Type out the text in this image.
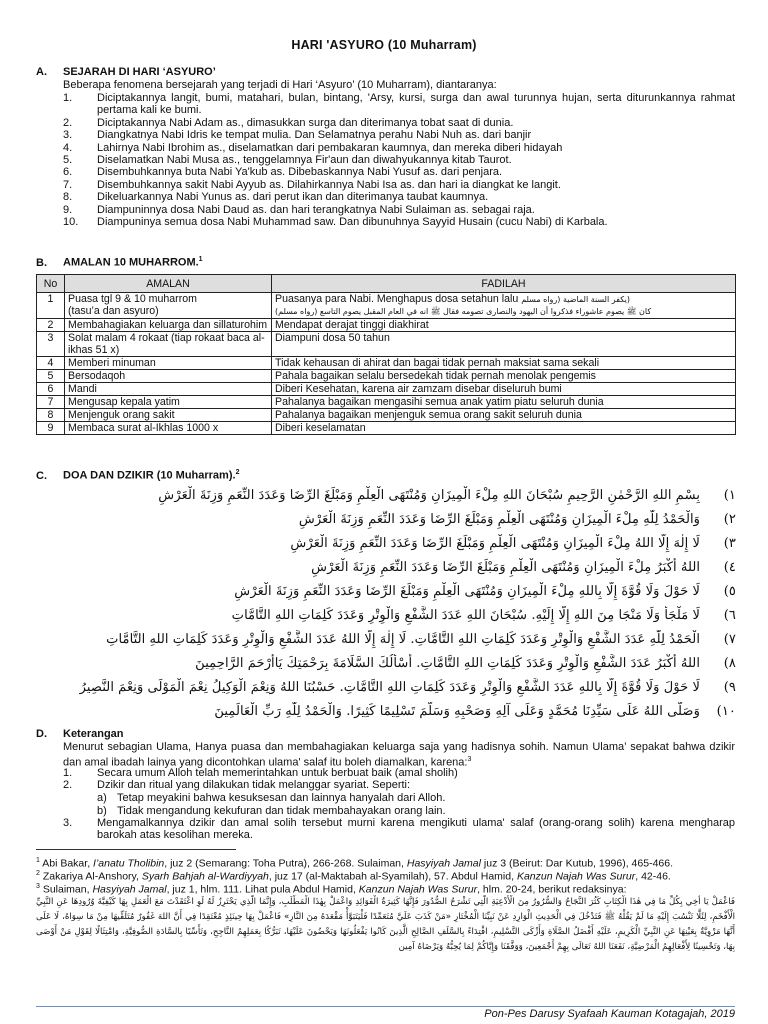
HARI 'ASYURO (10 Muharram)
A. SEJARAH DI HARI ‘ASYURO’
Beberapa fenomena bersejarah yang terjadi di Hari ‘Asyuro’ (10 Muharram), diantaranya:
1. Diciptakannya langit, bumi, matahari, bulan, bintang, 'Arsy, kursi, surga dan awal turunnya hujan, serta diturunkannya rahmat pertama kali ke bumi.
2. Diciptakannya Nabi Adam as., dimasukkan surga dan diterimanya tobat saat di dunia.
3. Diangkatnya Nabi Idris ke tempat mulia. Dan Selamatnya perahu Nabi Nuh as. dari banjir
4. Lahirnya Nabi Ibrohim as., diselamatkan dari pembakaran kaumnya, dan mereka diberi hidayah
5. Diselamatkan Nabi Musa as., tenggelamnya Fir'aun dan diwahyukannya kitab Taurot.
6. Disembuhkannya buta Nabi Ya'kub as. Dibebaskannya Nabi Yusuf as. dari penjara.
7. Disembuhkannya sakit Nabi Ayyub as. Dilahirkannya Nabi Isa as. dan hari ia diangkat ke langit.
8. Dikeluarkannya Nabi Yunus as. dari perut ikan dan diterimanya taubat kaumnya.
9. Diampuninnya dosa Nabi Daud as. dan hari terangkatnya Nabi Sulaiman as. sebagai raja.
10. Diampuninya semua dosa Nabi Muhammad saw. Dan dibunuhnya Sayyid Husain (cucu Nabi) di Karbala.
B. AMALAN 10 MUHARROM.$^1$
No	AMALAN	FADILAH
1	Puasa tgl 9 & 10 muharrom
(tasu’a dan asyuro)	Puasanya para Nabi. Menghapus dosa setahun lalu (يكفر السنة الماضية (رواه مسلم

كان ﷺ يصوم عاشوراء فذكروا أن اليهود والنصارى تصومه فقال ﷺ انه في العام المقبل يصوم التاسع (رواه مسلم)

2	Membahagiakan keluarga dan sillaturohim	Mendapat derajat tinggi diakhirat
3	Solat malam 4 rokaat (tiap rokaat baca al-ikhas 51 x)	Diampuni dosa 50 tahun
4	Memberi minuman	Tidak kehausan di ahirat dan bagai tidak pernah maksiat sama sekali
5	Bersodaqoh	Pahala bagaikan selalu bersedekah tidak pernah menolak pengemis
6	Mandi	Diberi Kesehatan, karena air zamzam disebar diseluruh bumi
7	Mengusap kepala yatim	Pahalanya bagaikan mengasihi semua anak yatim piatu seluruh dunia
8	Menjenguk orang sakit	Pahalanya bagaikan menjenguk semua orang sakit seluruh dunia
9	Membaca surat al-Ikhlas 1000 x	Diberi keselamatan
C. DOA DAN DZIKIR (10 Muharram).$^2$
١)بِسْمِ اللهِ الرَّحْمٰنِ الرَّحِيمِ سُبْحَانَ اللهِ مِلْءَ الْمِيزَانِ وَمُنْتَهَى الْعِلْمِ وَمَبْلَغَ الرِّضَا وَعَدَدَ النِّعَمِ وَزِنَةَ الْعَرْشِ
٢)وَالْحَمْدُ لِلّٰهِ مِلْءَ الْمِيزَانِ وَمُنْتَهَى الْعِلْمِ وَمَبْلَغَ الرِّضَا وَعَدَدَ النِّعَمِ وَزِنَةَ الْعَرْشِ
٣)لَا إِلٰهَ إِلَّا اللهُ مِلْءَ الْمِيزَانِ وَمُنْتَهَى الْعِلْمِ وَمَبْلَغَ الرِّضَا وَعَدَدَ النِّعَمِ وَزِنَةَ الْعَرْشِ
٤)اللهُ أَكْبَرُ مِلْءَ الْمِيزَانِ وَمُنْتَهَى الْعِلْمِ وَمَبْلَغَ الرِّضَا وَعَدَدَ النِّعَمِ وَزِنَةَ الْعَرْشِ
٥)لَا حَوْلَ وَلَا قُوَّةَ إِلَّا بِاللهِ مِلْءَ الْمِيزَانِ وَمُنْتَهَى الْعِلْمِ وَمَبْلَغَ الرِّضَا وَعَدَدَ النِّعَمِ وَزِنَةَ الْعَرْشِ
٦)لَا مَلْجَأَ وَلَا مَنْجَا مِنَ اللهِ إِلَّا إِلَيْهِ. سُبْحَانَ اللهِ عَدَدَ الشَّفْعِ وَالْوِتْرِ وَعَدَدَ كَلِمَاتِ اللهِ التَّامَّاتِ
٧)الْحَمْدُ لِلّٰهِ عَدَدَ الشَّفْعِ وَالْوِتْرِ وَعَدَدَ كَلِمَاتِ اللهِ التَّامَّاتِ. لَا إِلٰهَ إِلَّا اللهُ عَدَدَ الشَّفْعِ وَالْوِتْرِ وَعَدَدَ كَلِمَاتِ اللهِ التَّامَّاتِ
٨)اللهُ أَكْبَرُ عَدَدَ الشَّفْعِ وَالْوِتْرِ وَعَدَدَ كَلِمَاتِ اللهِ التَّامَّاتِ. أَسْأَلُكَ السَّلَامَةَ بِرَحْمَتِكَ يَاأَرْحَمَ الرَّاحِمِينَ
٩)لَا حَوْلَ وَلَا قُوَّةَ إِلَّا بِاللهِ عَدَدَ الشَّفْعِ وَالْوِتْرِ وَعَدَدَ كَلِمَاتِ اللهِ التَّامَّاتِ. حَسْبُنَا اللهُ وَنِعْمَ الْوَكِيلُ نِعْمَ الْمَوْلَى وَنِعْمَ النَّصِيرُ
١٠)وَصَلَّى اللهُ عَلَى سَيِّدِنَا مُحَمَّدٍ وَعَلَى آلِهِ وَصَحْبِهِ وَسَلَّمَ تَسْلِيمًا كَثِيرًا. وَالْحَمْدُ لِلّٰهِ رَبِّ الْعَالَمِينَ
D. Keterangan
Menurut sebagian Ulama, Hanya puasa dan membahagiakan keluarga saja yang hadisnya sohih. Namun Ulama’ sepakat bahwa dzikir dan amal ibadah lainya yang dicontohkan ulama' salaf itu boleh diamalkan, karena:$^3$
1. Secara umum Alloh telah memerintahkan untuk berbuat baik (amal sholih)
2. Dzikir dan ritual yang dilakukan tidak melanggar syariat. Seperti:
a) Tetap meyakini bahwa kesuksesan dan lainnya hanyalah dari Alloh.
b) Tidak mengandung kekufuran dan tidak membahayakan orang lain.
3. Mengamalkannya dzikir dan amal solih tersebut murni karena mengikuti ulama' salaf (orang-orang solih) karena mengharap barokah atas kesolihan mereka.
$^1$ Abi Bakar, I’anatu Tholibin, juz 2 (Semarang: Toha Putra), 266-268. Sulaiman, Hasyiyah Jamal juz 3 (Beirut: Dar Kutub, 1996), 465-466.
$^2$ Zakariya Al-Anshory, Syarh Bahjah al-Wardiyyah, juz 17 (al-Maktabah al-Syamilah), 57. Abdul Hamid, Kanzun Najah Was Surur, 42-46.
$^3$ Sulaiman, Hasyiyah Jamal, juz 1, hlm. 111. Lihat pula Abdul Hamid, Kanzun Najah Was Surur, hlm. 20-24, berikut redaksinya:
فَاعْمَلْ يَا أَخِي بِكُلِّ مَا فِي هٰذَا الْكِتَابِ كَثُرَ النَّجَاحُ وَالسُّرُورُ مِنَ الْأَدْعِيَةِ الَّتِي تَشْرَحُ الصُّدُورَ فَإِنَّهَا كَثِيرَةُ الْفَوَائِدِ وَاعْمَلْ بِهٰذَا الْمَطْلَبِ، وَإِنَّمَا الَّذِي يَحْتَرِزُ لَهُ لَوِ اعْتَقَدْتَ مَعَ الْعَمَلِ بِهَا كَيْفِيَّةَ وُرُودِهَا عَنِ النَّبِيِّ الْأَفْخَمِ، لِئَلَّا تَنْسُبَ إِلَيْهِ مَا لَمْ يَقُلْهُ ﷺ فَتَدْخُلَ فِي الْحَدِيثِ الْوَارِدِ عَنْ نَبِيِّنَا الْمُخْتَارِ «مَنْ كَذَبَ عَلَيَّ مُتَعَمِّدًا فَلْيَتَبَوَّأْ مَقْعَدَهُ مِنَ النَّارِ» فَاعْمَلْ بِهَا حِينَئِذٍ مُعْتَقِدًا فِي أَنَّ اللهَ غَفُورٌ مُتَلَقِّيهَا مِنْ مَا سِوَاهُ، لَا عَلَى أَنَّهَا مَرْوِيَّةٌ بِعَيْنِهَا عَنِ النَّبِيِّ الْكَرِيمِ، عَلَيْهِ أَفْضَلُ الصَّلَاةِ وَأَزْكَى التَّسْلِيمِ، اقْتِدَاءً بِالسَّلَفِ الصَّالِحِ الَّذِينَ كَانُوا يَفْعَلُونَهَا وَيَحْضُونَ عَلَيْهَا، تَبَرُّكًا بِعَمَلِهِمُ النَّاجِحِ، وَتَأَسِّيًا بِالسَّادَةِ الصُّوفِيَّةِ، وَامْتِثَالًا لِقَوْلِ مَنْ أَوْصَى بِهَا، وَتَحْسِينًا لِأَفْعَالِهِمُ الْمَرْضِيَّةِ، نَفَعَنَا اللهُ تَعَالَى بِهِمْ أَجْمَعِينَ، وَوَفَّقَنَا وَإِيَّاكُمْ لِمَا يُحِبُّهُ وَيَرْضَاهُ آمِين
Pon-Pes Darusy Syafaah Kauman Kotagajah, 2019
